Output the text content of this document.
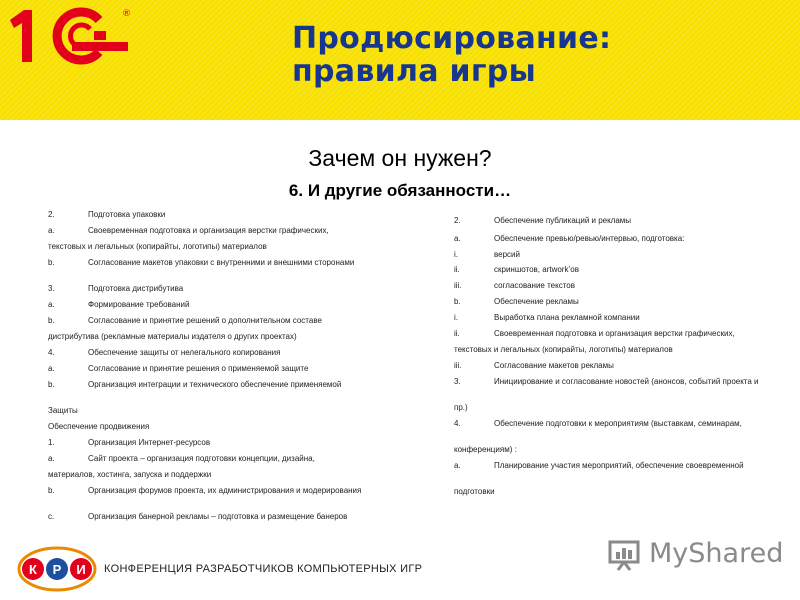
®
Продюсирование:
правила игры
Зачем он нужен?
6. И другие обязанности…
2.	Подготовка упаковки
a.	Своевременная подготовка и организация верстки графических,
текстовых и легальных (копирайты, логотипы) материалов
b.	Согласование макетов упаковки с внутренними и внешними сторонами
3.	Подготовка дистрибутива
a.	Формирование требований
b.	Согласование и принятие решений о дополнительном составе
дистрибутива (рекламные материалы издателя о других проектах)
4.	Обеспечение защиты от нелегального копирования
a.	Согласование и принятие решения о применяемой защите
b.	Организация интеграции и технического обеспечение применяемой
Защиты
Обеспечение продвижения
1.	Организация Интернет-ресурсов
a.	Сайт проекта – организация подготовки концепции, дизайна,
материалов, хостинга, запуска и поддержки
b.	Организация форумов проекта, их администрирования и модерирования
c.	Организация банерной рекламы – подготовка и размещение банеров
2.	Обеспечение публикаций и рекламы
a.	Обеспечение превью/ревью/интервью, подготовка:
i.	версий
ii.	скриншотов, artwork’ов
iii.	согласование текстов
b.	Обеспечение рекламы
i.	Выработка плана рекламной компании
ii.	Своевременная подготовка и организация верстки графических,
текстовых и легальных (копирайты, логотипы) материалов
iii.	Согласование макетов рекламы
3.	Инициирование и согласование новостей (анонсов, событий проекта и
пр.)
4.	Обеспечение подготовки к мероприятиям (выставкам, семинарам,
конференциям) :
a.	Планирование участия мероприятий, обеспечение своевременной
подготовки
К Р И КОНФЕРЕНЦИЯ РАЗРАБОТЧИКОВ КОМПЬЮТЕРНЫХ ИГР	MyShared
